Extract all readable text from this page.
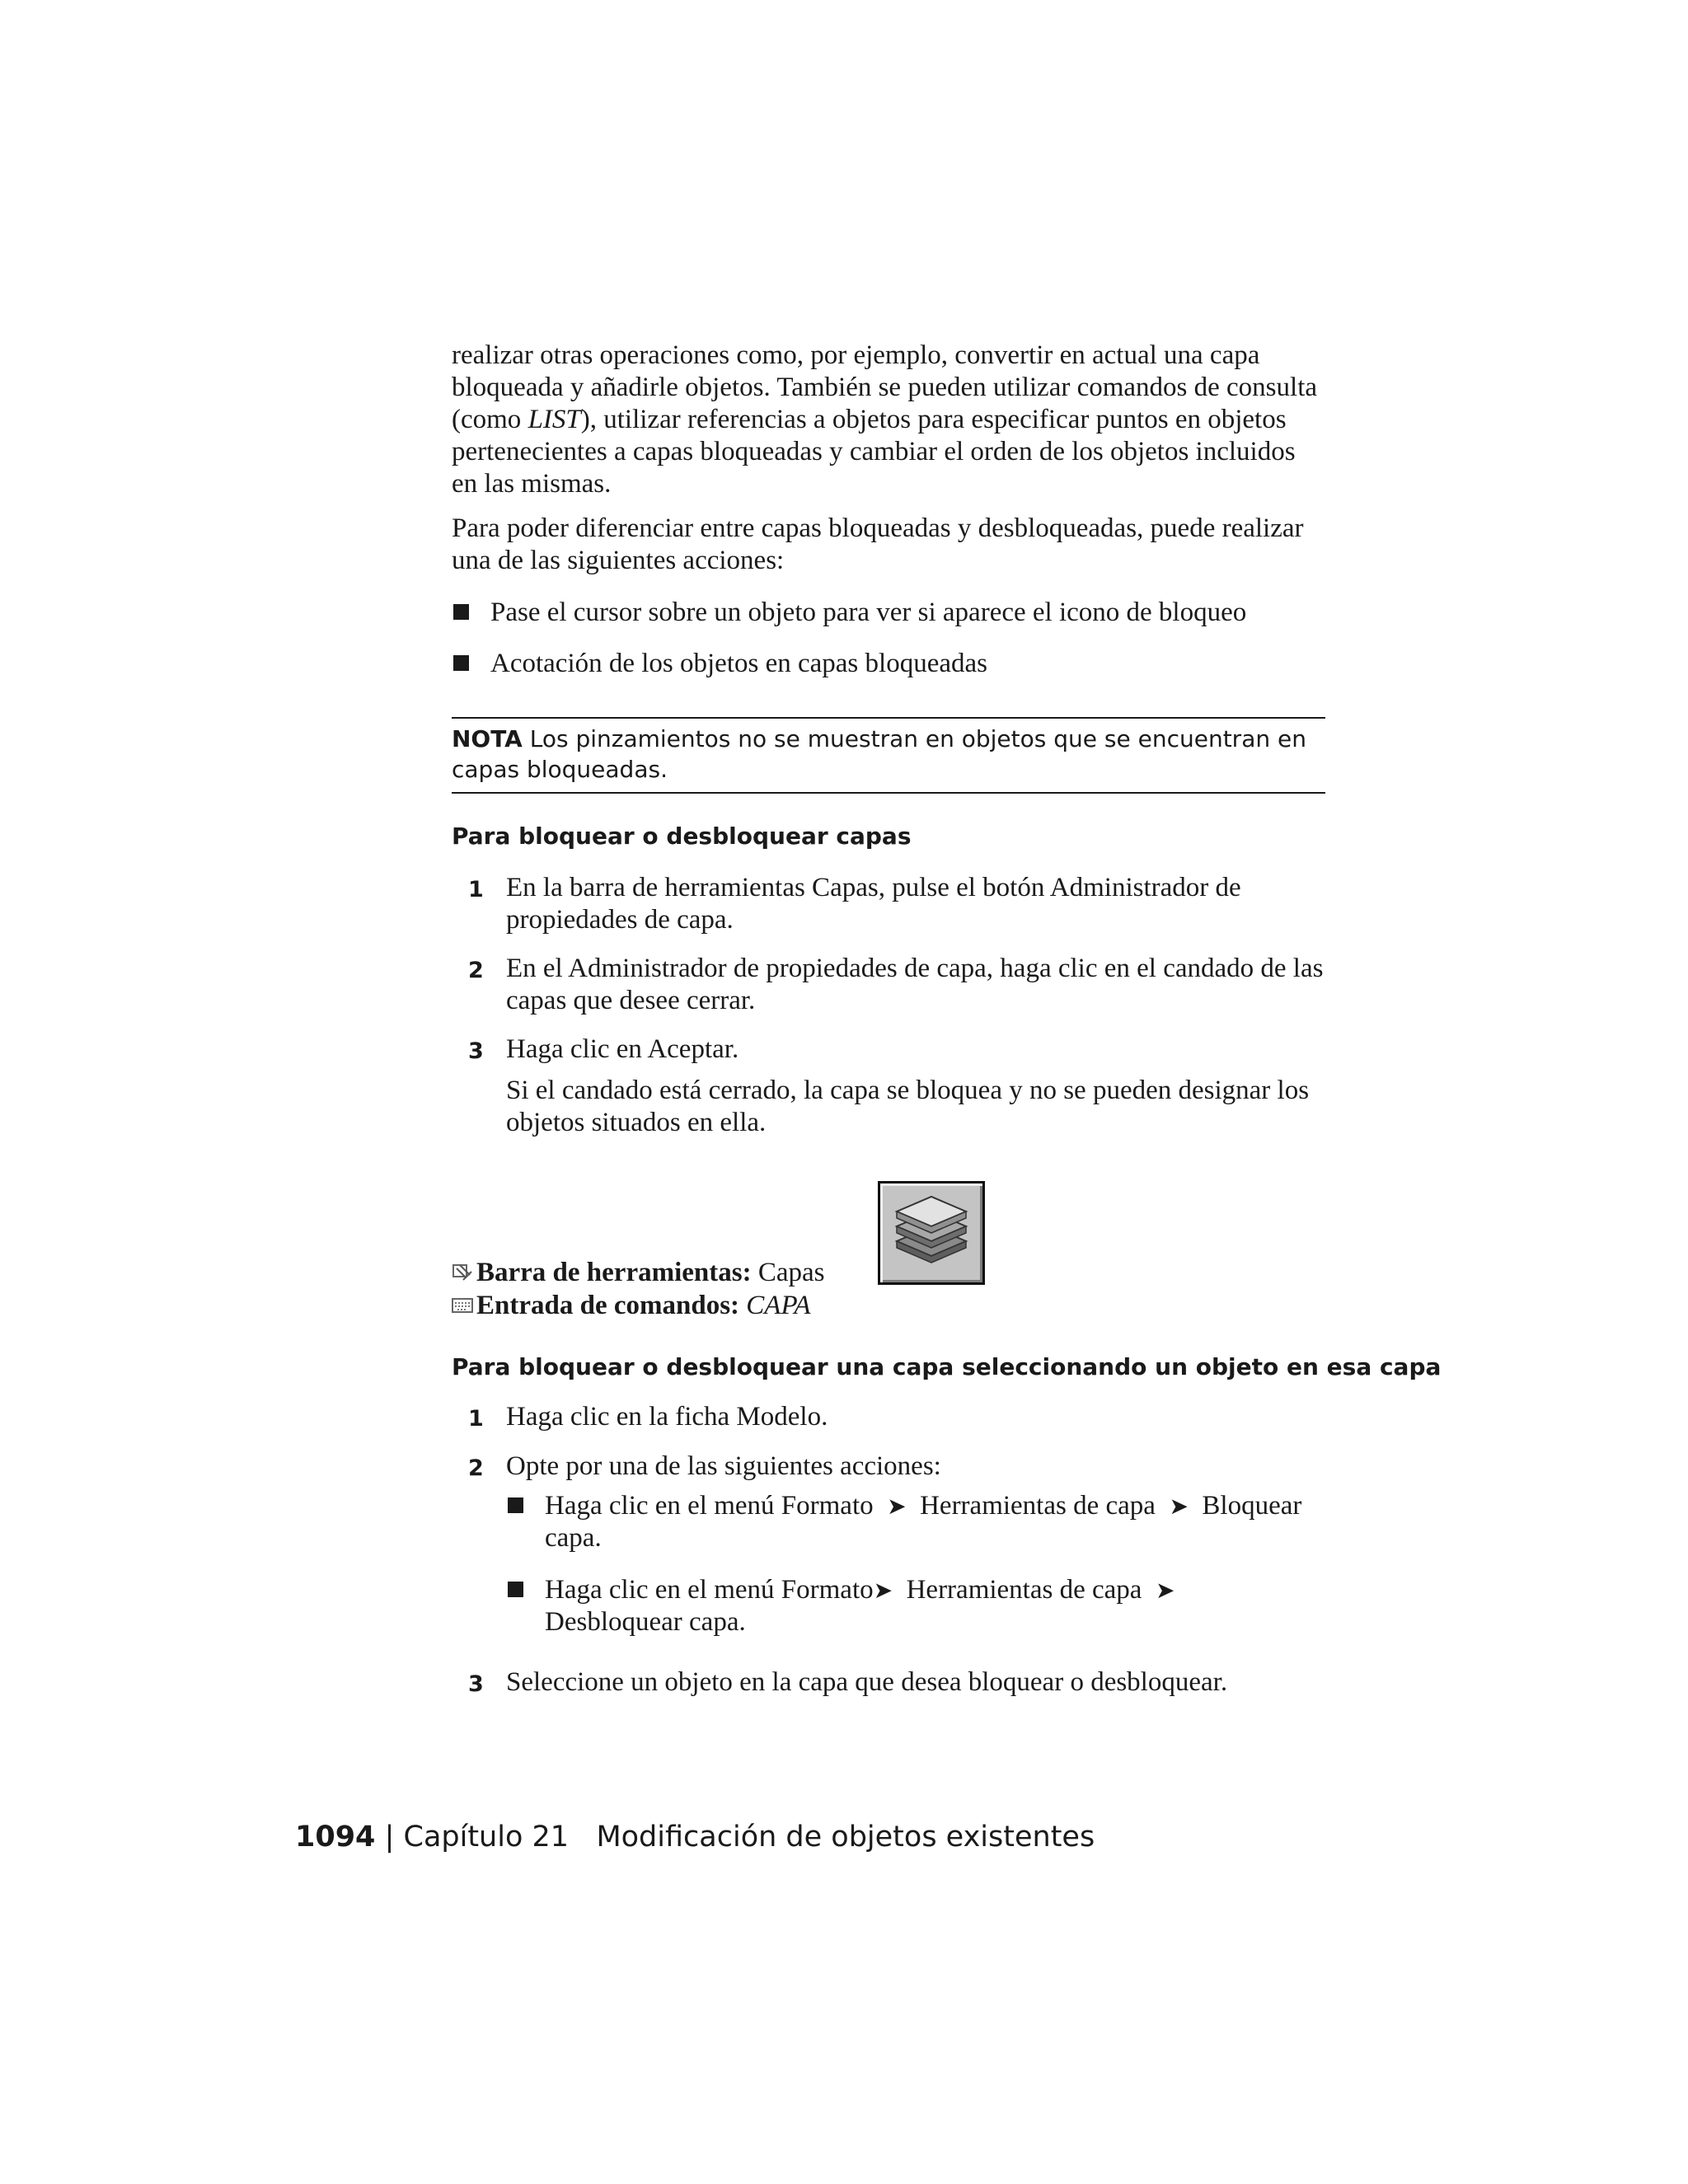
realizar otras operaciones como, por ejemplo, convertir en actual una capa bloqueada y añadirle objetos. También se pueden utilizar comandos de consulta (como LIST), utilizar referencias a objetos para especificar puntos en objetos pertenecientes a capas bloqueadas y cambiar el orden de los objetos incluidos en las mismas.
Para poder diferenciar entre capas bloqueadas y desbloqueadas, puede realizar una de las siguientes acciones:
Pase el cursor sobre un objeto para ver si aparece el icono de bloqueo
Acotación de los objetos en capas bloqueadas
NOTA Los pinzamientos no se muestran en objetos que se encuentran en capas bloqueadas.
Para bloquear o desbloquear capas
1 En la barra de herramientas Capas, pulse el botón Administrador de propiedades de capa.
2 En el Administrador de propiedades de capa, haga clic en el candado de las capas que desee cerrar.
3 Haga clic en Aceptar.
Si el candado está cerrado, la capa se bloquea y no se pueden designar los objetos situados en ella.
Barra de herramientas: Capas
Entrada de comandos: CAPA
Para bloquear o desbloquear una capa seleccionando un objeto en esa capa
1 Haga clic en la ficha Modelo.
2 Opte por una de las siguientes acciones:
Haga clic en el menú Formato ➤ Herramientas de capa ➤ Bloquear
capa.
Haga clic en el menú Formato➤ Herramientas de capa ➤
Desbloquear capa.
3 Seleccione un objeto en la capa que desea bloquear o desbloquear.
1094 | Capítulo 21 Modificación de objetos existentes
